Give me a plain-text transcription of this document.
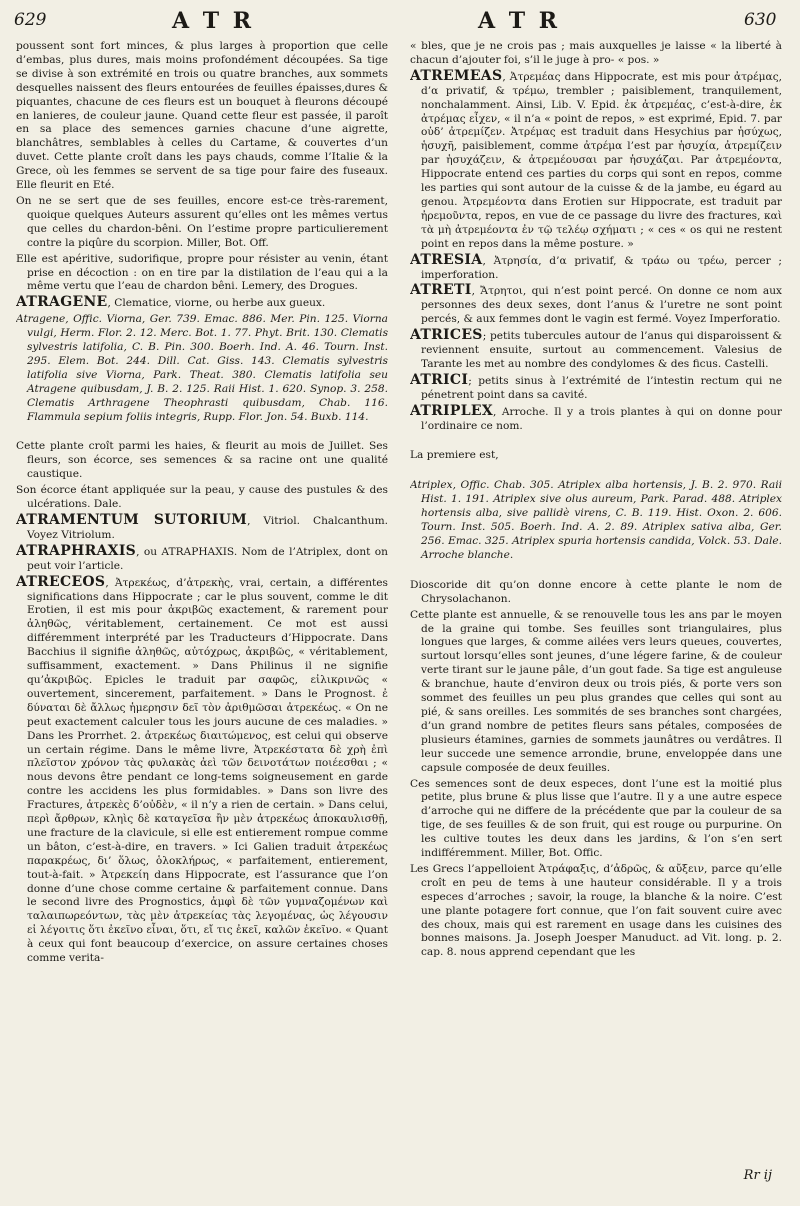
629	A T R	A T R	630

poussent sont fort minces, & plus larges à proportion que celle d’embas, plus dures, mais moins profondément découpées. Sa tige se divise à son extrémité en trois ou quatre branches, aux sommets desquelles naissent des fleurs entourées de feuilles épaisses,dures & piquantes, chacune de ces fleurs est un bouquet à fleurons découpé en lanieres, de couleur jaune. Quand cette fleur est passée, il paroît en sa place des semences garnies chacune d’une aigrette, blanchâtres, semblables à celles du Cartame, & couvertes d’un duvet. Cette plante croît dans les pays chauds, comme l’Italie & la Grece, où les femmes se servent de sa tige pour faire des fuseaux. Elle fleurit en Eté.

On ne se sert que de ses feuilles, encore est-ce très-rarement, quoique quelques Auteurs assurent qu’elles ont les mêmes vertus que celles du chardon-bêni. On l’estime propre particulierement contre la piqûre du scorpion. Miller, Bot. Off.

Elle est apéritive, sudorifique, propre pour résister au venin, étant prise en décoction : on en tire par la distilation de l’eau qui a la même vertu que l’eau de chardon bêni. Lemery, des Drogues.

ATRAGENE, Clematice, viorne, ou herbe aux gueux.

Atragene, Offic. Viorna, Ger. 739. Emac. 886. Mer. Pin. 125. Viorna vulgi, Herm. Flor. 2. 12. Merc. Bot. 1. 77. Phyt. Brit. 130. Clematis sylvestris latifolia, C. B. Pin. 300. Boerh. Ind. A. 46. Tourn. Inst. 295. Elem. Bot. 244. Dill. Cat. Giss. 143. Clematis sylvestris latifolia sive Viorna, Park. Theat. 380. Clematis latifolia seu Atragene quibusdam, J. B. 2. 125. Raii Hist. 1. 620. Synop. 3. 258. Clematis Arthragene Theophrasti quibusdam, Chab. 116. Flammula sepium foliis integris, Rupp. Flor. Jon. 54. Buxb. 114.

Cette plante croît parmi les haies, & fleurit au mois de Juillet. Ses fleurs, son écorce, ses semences & sa racine ont une qualité caustique.

Son écorce étant appliquée sur la peau, y cause des pustules & des ulcérations. Dale.

ATRAMENTUM SUTORIUM, Vitriol. Chalcanthum. Voyez Vitriolum.

ATRAPHRAXIS, ou ATRAPHAXIS. Nom de l’Atriplex, dont on peut voir l’article.

ATRECEOS, Ἀτρεκέως, d’ἀτρεκὴς, vrai, certain, a différentes significations dans Hippocrate ; car le plus souvent, comme le dit Erotien, il est mis pour ἀκριβῶς exactement, & rarement pour ἀληθῶς, véritablement, certainement. Ce mot est aussi différemment interprété par les Traducteurs d’Hippocrate. Dans Bacchius il signifie ἀληθῶς, αὐτόχρως, ἀκριβῶς, « véritablement, suffisamment, exactement. » Dans Philinus il ne signifie qu’ἀκριβῶς. Epicles le traduit par σαφῶς, εἰλικρινῶς « ouvertement, sincerement, parfaitement. » Dans le Prognost. ἐ δύναται δὲ ἄλλως ἡμερησιν δεῖ τὸν ἀριθμῶσαι ἀτρεκέως. « On ne peut exactement calculer tous les jours aucune de ces maladies. » Dans les Prorrhet. 2. ἀτρεκέως διαιτώμενος, est celui qui observe un certain régime. Dans le même livre, Ἀτρεκέστατα δὲ χρὴ ἐπὶ πλεῖστον χρόνον τὰς φυλακὰς ἀεὶ τῶν δεινοτάτων ποιέεσθαι ; « nous devons être pendant ce long-tems soigneusement en garde contre les accidens les plus formidables. » Dans son livre des Fractures, ἀτρεκὲς δ’οὐδὲν, « il n’y a rien de certain. » Dans celui, περὶ ἄρθρων, κληὶς δὲ καταγεῖσα ἢν μὲν ἀτρεκέως ἀποκαυλισθῇ, une fracture de la clavicule, si elle est entierement rompue comme un bâton, c’est-à-dire, en travers. » Ici Galien traduit ἀτρεκέως παρακρέως, δι’ ὅλως, ὁλοκλήρως, « parfaitement, entierement, tout-à-fait. » Ἀτρεκείη dans Hippocrate, est l’assurance que l’on donne d’une chose comme certaine & parfaitement connue. Dans le second livre des Prognostics, ἀμφὶ δὲ τῶν γυμναζομένων καὶ ταλαιπωρεόντων, τὰς μὲν ἀτρεκείας τὰς λεγομένας, ὡς λέγουσιν εἰ λέγοιτις ὅτι ἐκεῖνο εἶναι, ὅτι, εἴ τις ἐκεῖ, καλῶν ἐκεῖνο. « Quant à ceux qui font beaucoup d’exercice, on assure certaines choses comme verita-

« bles, que je ne crois pas ; mais auxquelles je laisse « la liberté à chacun d’ajouter foi, s’il le juge à pro- « pos. »

ATREMEAS, Ἀτρεμέας dans Hippocrate, est mis pour ἀτρέμας, d’α privatif, & τρέμω, trembler ; paisiblement, tranquilement, nonchalamment. Ainsi, Lib. V. Epid. ἐκ ἀτρεμέας, c’est-à-dire, ἐκ ἀτρέμας εἶχεν, « il n’a « point de repos, » est exprimé, Epid. 7. par οὐδ’ ἀτρεμίζεν. Ἀτρέμας est traduit dans Hesychius par ἡσύχως, ἡσυχῆ, paisiblement, comme ἀτρέμα l’est par ἡσυχία, ἀτρεμίζειν par ἡσυχάζειν, & ἀτρεμέουσαι par ἡσυχάζαι. Par ἀτρεμέοντα, Hippocrate entend ces parties du corps qui sont en repos, comme les parties qui sont autour de la cuisse & de la jambe, eu égard au genou. Ἀτρεμέοντα dans Erotien sur Hippocrate, est traduit par ἠρεμοῦντα, repos, en vue de ce passage du livre des fractures, καὶ τὰ μὴ ἀτρεμέοντα ἐν τῷ τελέῳ σχήματι ; « ces « os qui ne restent point en repos dans la même posture. »

ATRESIA, Ἀτρησία, d’α privatif, & τράω ou τρέω, percer ; imperforation.

ATRETI, Ἄτρητοι, qui n’est point percé. On donne ce nom aux personnes des deux sexes, dont l’anus & l’uretre ne sont point percés, & aux femmes dont le vagin est fermé. Voyez Imperforatio.

ATRICES; petits tubercules autour de l’anus qui disparoissent & reviennent ensuite, surtout au commencement. Valesius de Tarante les met au nombre des condylomes & des ficus. Castelli.

ATRICI; petits sinus à l’extrémité de l’intestin rectum qui ne pénetrent point dans sa cavité.

ATRIPLEX, Arroche. Il y a trois plantes à qui on donne pour l’ordinaire ce nom.

La premiere est,

Atriplex, Offic. Chab. 305. Atriplex alba hortensis, J. B. 2. 970. Raii Hist. 1. 191. Atriplex sive olus aureum, Park. Parad. 488. Atriplex hortensis alba, sive pallidè virens, C. B. 119. Hist. Oxon. 2. 606. Tourn. Inst. 505. Boerh. Ind. A. 2. 89. Atriplex sativa alba, Ger. 256. Emac. 325. Atriplex spuria hortensis candida, Volck. 53. Dale. Arroche blanche.

Dioscoride dit qu’on donne encore à cette plante le nom de Chrysolachanon.

Cette plante est annuelle, & se renouvelle tous les ans par le moyen de la graine qui tombe. Ses feuilles sont triangulaires, plus longues que larges, & comme ailées vers leurs queues, couvertes, surtout lorsqu’elles sont jeunes, d’une légere farine, & de couleur verte tirant sur le jaune pâle, d’un gout fade. Sa tige est anguleuse & branchue, haute d’environ deux ou trois piés, & porte vers son sommet des feuilles un peu plus grandes que celles qui sont au pié, & sans oreilles. Les sommités de ses branches sont chargées, d’un grand nombre de petites fleurs sans pétales, composées de plusieurs étamines, garnies de sommets jaunâtres ou verdâtres. Il leur succede une semence arrondie, brune, enveloppée dans une capsule composée de deux feuilles.

Ces semences sont de deux especes, dont l’une est la moitié plus petite, plus brune & plus lisse que l’autre. Il y a une autre espece d’arroche qui ne differe de la précédente que par la couleur de sa tige, de ses feuilles & de son fruit, qui est rouge ou purpurine. On les cultive toutes les deux dans les jardins, & l’on s’en sert indifféremment. Miller, Bot. Offic.

Les Grecs l’appelloient Ἀτράφαξις, d’ἀδρῶς, & αὔξειν, parce qu’elle croît en peu de tems à une hauteur considérable. Il y a trois especes d’arroches ; savoir, la rouge, la blanche & la noire. C’est une plante potagere fort connue, que l’on fait souvent cuire avec des choux, mais qui est rarement en usage dans les cuisines des bonnes maisons. Ja. Joseph Joesper Manuduct. ad Vit. long. p. 2. cap. 8. nous apprend cependant que les

Rr ij
